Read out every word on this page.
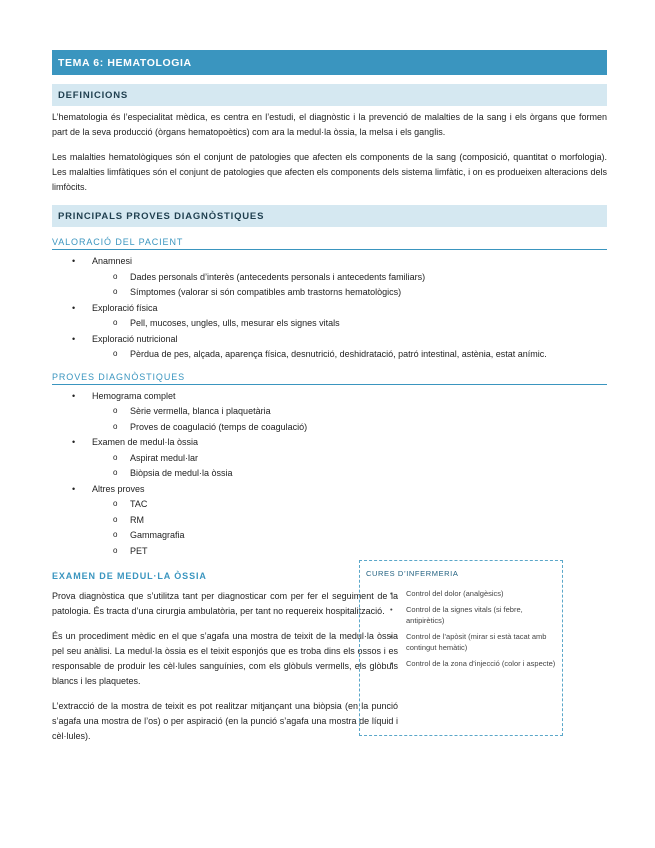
TEMA 6: HEMATOLOGIA
DEFINICIONS

L’hematologia és l’especialitat mèdica, es centra en l’estudi, el diagnòstic i la prevenció de malalties de la sang i els òrgans que formen part de la seva producció (òrgans hematopoètics) com ara la medul·la òssia, la melsa i els ganglis.

Les malalties hematològiques són el conjunt de patologies que afecten els components de la sang (composició, quantitat o morfologia). Les malalties limfàtiques són el conjunt de patologies que afecten els components dels sistema limfàtic, i on es produeixen alteracions dels limfòcits.

PRINCIPALS PROVES DIAGNÒSTIQUES
VALORACIÓ DEL PACIENT
• Anamnesi
o Dades personals d’interès (antecedents personals i antecedents familiars)
o Símptomes (valorar si són compatibles amb trastorns hematològics)
• Exploració física
o Pell, mucoses, ungles, ulls, mesurar els signes vitals
• Exploració nutricional
o Pèrdua de pes, alçada, aparença física, desnutrició, deshidratació, patró intestinal, astènia, estat anímic.
PROVES DIAGNÒSTIQUES
• Hemograma complet
o Sèrie vermella, blanca i plaquetària
o Proves de coagulació (temps de coagulació)
• Examen de medul·la òssia
o Aspirat medul·lar
o Biòpsia de medul·la òssia
• Altres proves
o TAC
o RM
o Gammagrafia
o PET
EXAMEN DE MEDUL·LA ÒSSIA

Prova diagnòstica que s’utilitza tant per diagnosticar com per fer el seguiment de la patologia. És tracta d’una cirurgia ambulatòria, per tant no requereix hospitalització.

És un procediment mèdic en el que s’agafa una mostra de teixit de la medul·la òssia pel seu anàlisi. La medul·la òssia es el teixit esponjós que es troba dins els ossos i es responsable de produir les cèl·lules sanguínies, com els glòbuls vermells, els glòbuls blancs i les plaquetes.

L’extracció de la mostra de teixit es pot realitzar mitjançant una biòpsia (en la punció s’agafa una mostra de l’os) o per aspiració (en la punció s’agafa una mostra de líquid i cèl·lules).

CURES D’INFERMERIA
• Control del dolor (analgèsics)
• Control de la signes vitals (si febre, antipirètics)
• Control de l’apòsit (mirar si està tacat amb contingut hemàtic)
• Control de la zona d’injecció (color i aspecte)
